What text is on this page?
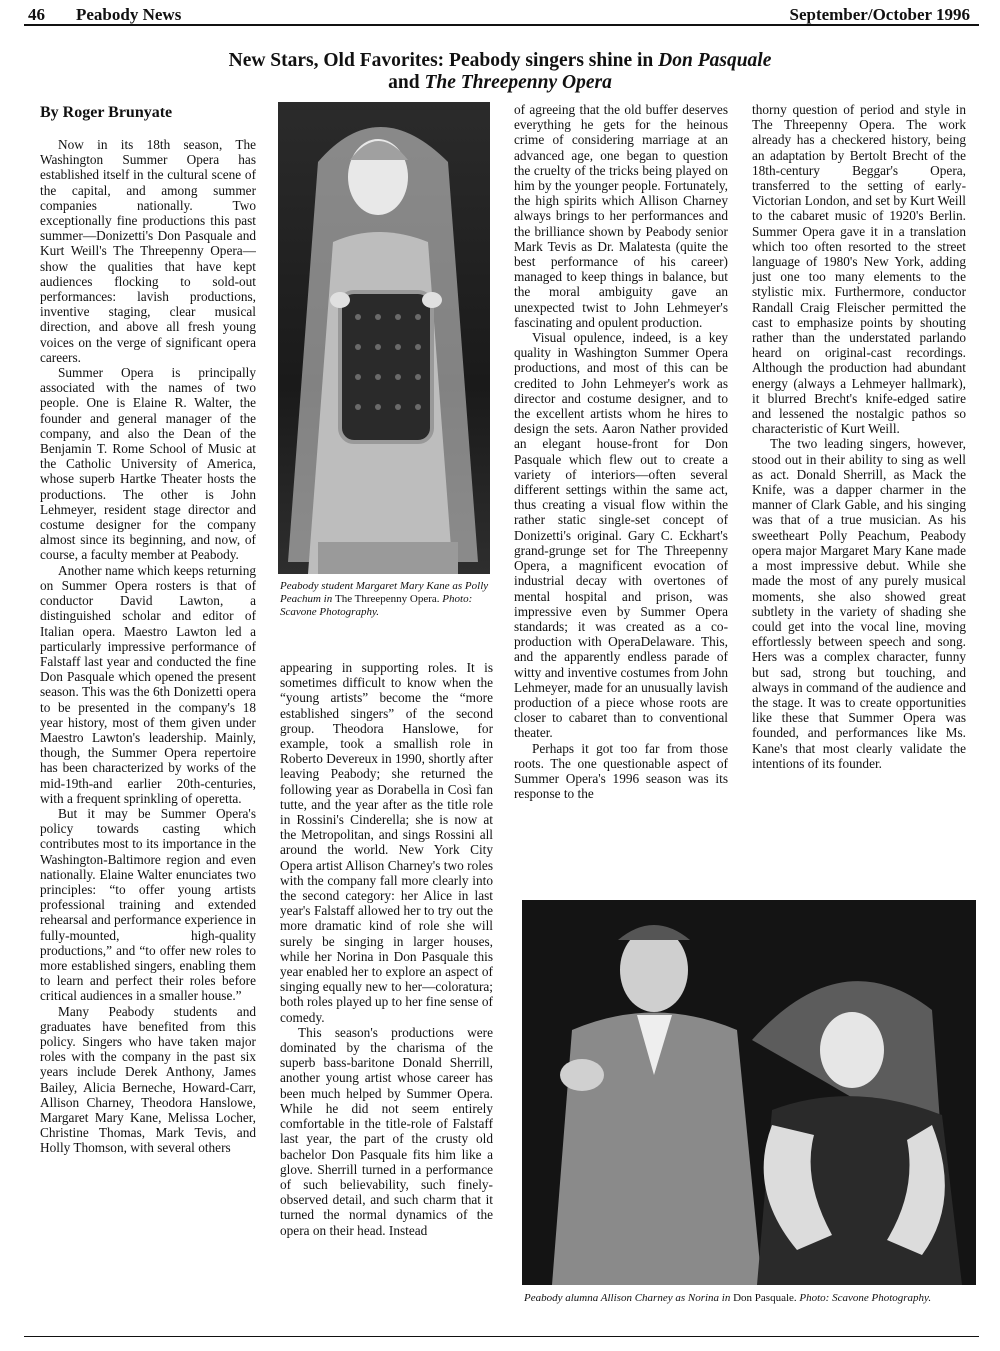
46 Peabody News	September/October 1996
New Stars, Old Favorites: Peabody singers shine in Don Pasquale
and The Threepenny Opera
By Roger Brunyate

Now in its 18th season, The Washington Summer Opera has established itself in the cultural scene of the capital, and among summer companies nationally. Two exceptionally fine productions this past summer—Donizetti's Don Pasquale and Kurt Weill's The Threepenny Opera—show the qualities that have kept audiences flocking to sold-out performances: lavish productions, inventive staging, clear musical direction, and above all fresh young voices on the verge of significant opera careers.

Summer Opera is principally associated with the names of two people. One is Elaine R. Walter, the founder and general manager of the company, and also the Dean of the Benjamin T. Rome School of Music at the Catholic University of America, whose superb Hartke Theater hosts the productions. The other is John Lehmeyer, resident stage director and costume designer for the company almost since its beginning, and now, of course, a faculty member at Peabody.

Another name which keeps returning on Summer Opera rosters is that of conductor David Lawton, a distinguished scholar and editor of Italian opera. Maestro Lawton led a particularly impressive performance of Falstaff last year and conducted the fine Don Pasquale which opened the present season. This was the 6th Donizetti opera to be presented in the company's 18 year history, most of them given under Maestro Lawton's leadership. Mainly, though, the Summer Opera repertoire has been characterized by works of the mid-19th-and earlier 20th-centuries, with a frequent sprinkling of operetta.

But it may be Summer Opera's policy towards casting which contributes most to its importance in the Washington-Baltimore region and even nationally. Elaine Walter enunciates two principles: “to offer young artists professional training and extended rehearsal and performance experience in fully-mounted, high-quality productions,” and “to offer new roles to more established singers, enabling them to learn and perfect their roles before critical audiences in a smaller house.”

Many Peabody students and graduates have benefited from this policy. Singers who have taken major roles with the company in the past six years include Derek Anthony, James Bailey, Alicia Berneche, Howard-Carr, Allison Charney, Theodora Hanslowe, Margaret Mary Kane, Melissa Locher, Christine Thomas, Mark Tevis, and Holly Thomson, with several others

Peabody student Margaret Mary Kane as Polly Peachum in The Threepenny Opera. Photo: Scavone Photography.

appearing in supporting roles. It is sometimes difficult to know when the “young artists” become the “more established singers” of the second group. Theodora Hanslowe, for example, took a smallish role in Roberto Devereux in 1990, shortly after leaving Peabody; she returned the following year as Dorabella in Così fan tutte, and the year after as the title role in Rossini's Cinderella; she is now at the Metropolitan, and sings Rossini all around the world. New York City Opera artist Allison Charney's two roles with the company fall more clearly into the second category: her Alice in last year's Falstaff allowed her to try out the more dramatic kind of role she will surely be singing in larger houses, while her Norina in Don Pasquale this year enabled her to explore an aspect of singing equally new to her—coloratura; both roles played up to her fine sense of comedy.

This season's productions were dominated by the charisma of the superb bass-baritone Donald Sherrill, another young artist whose career has been much helped by Summer Opera. While he did not seem entirely comfortable in the title-role of Falstaff last year, the part of the crusty old bachelor Don Pasquale fits him like a glove. Sherrill turned in a performance of such believability, such finely-observed detail, and such charm that it turned the normal dynamics of the opera on their head. Instead

of agreeing that the old buffer deserves everything he gets for the heinous crime of considering marriage at an advanced age, one began to question the cruelty of the tricks being played on him by the younger people. Fortunately, the high spirits which Allison Charney always brings to her performances and the brilliance shown by Peabody senior Mark Tevis as Dr. Malatesta (quite the best performance of his career) managed to keep things in balance, but the moral ambiguity gave an unexpected twist to John Lehmeyer's fascinating and opulent production.

Visual opulence, indeed, is a key quality in Washington Summer Opera productions, and most of this can be credited to John Lehmeyer's work as director and costume designer, and to the excellent artists whom he hires to design the sets. Aaron Nather provided an elegant house-front for Don Pasquale which flew out to create a variety of interiors—often several different settings within the same act, thus creating a visual flow within the rather static single-set concept of Donizetti's original. Gary C. Eckhart's grand-grunge set for The Threepenny Opera, a magnificent evocation of industrial decay with overtones of mental hospital and prison, was impressive even by Summer Opera standards; it was created as a co-production with OperaDelaware. This, and the apparently endless parade of witty and inventive costumes from John Lehmeyer, made for an unusually lavish production of a piece whose roots are closer to cabaret than to conventional theater.

Perhaps it got too far from those roots. The one questionable aspect of Summer Opera's 1996 season was its response to the

thorny question of period and style in The Threepenny Opera. The work already has a checkered history, being an adaptation by Bertolt Brecht of the 18th-century Beggar's Opera, transferred to the setting of early- Victorian London, and set by Kurt Weill to the cabaret music of 1920's Berlin. Summer Opera gave it in a translation which too often resorted to the street language of 1980's New York, adding just one too many elements to the stylistic mix. Furthermore, conductor Randall Craig Fleischer permitted the cast to emphasize points by shouting rather than the understated parlando heard on original-cast recordings. Although the production had abundant energy (always a Lehmeyer hallmark), it blurred Brecht's knife-edged satire and lessened the nostalgic pathos so characteristic of Kurt Weill.

The two leading singers, however, stood out in their ability to sing as well as act. Donald Sherrill, as Mack the Knife, was a dapper charmer in the manner of Clark Gable, and his singing was that of a true musician. As his sweetheart Polly Peachum, Peabody opera major Margaret Mary Kane made a most impressive debut. While she made the most of any purely musical moments, she also showed great subtlety in the variety of shading she could get into the vocal line, moving effortlessly between speech and song. Hers was a complex character, funny but sad, strong but touching, and always in command of the audience and the stage. It was to create opportunities like these that Summer Opera was founded, and performances like Ms. Kane's that most clearly validate the intentions of its founder.

Peabody alumna Allison Charney as Norina in Don Pasquale. Photo: Scavone Photography.
